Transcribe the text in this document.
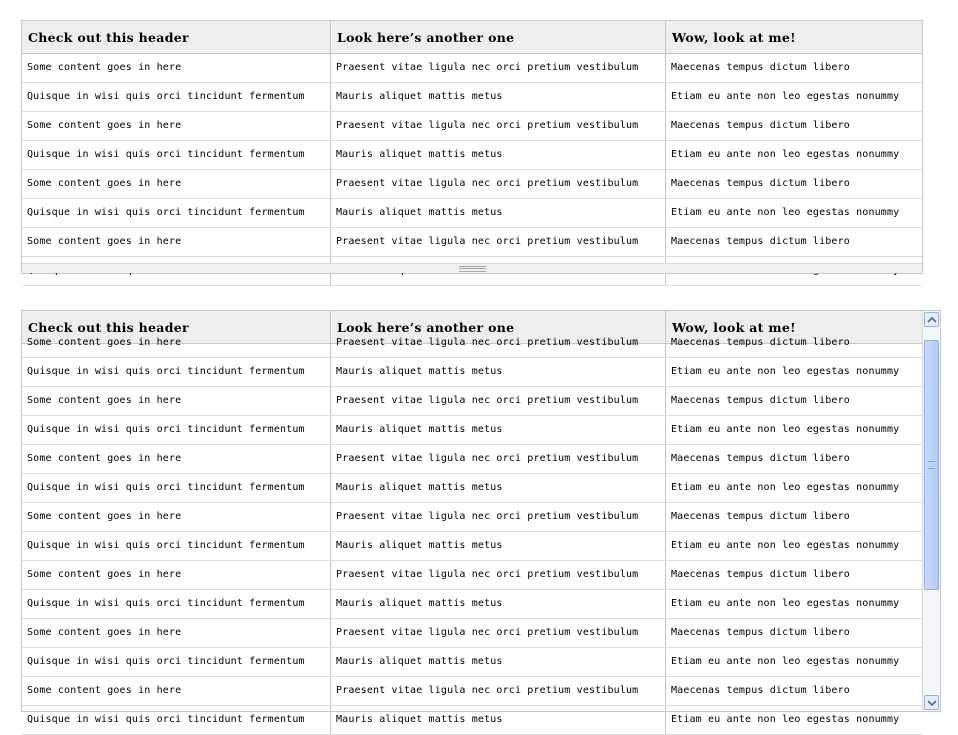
Check out this header	Look here’s another one	Wow, look at me!
Some content goes in here	Praesent vitae ligula nec orci pretium vestibulum	Maecenas tempus dictum libero
Quisque in wisi quis orci tincidunt fermentum	Mauris aliquet mattis metus	Etiam eu ante non leo egestas nonummy
Some content goes in here	Praesent vitae ligula nec orci pretium vestibulum	Maecenas tempus dictum libero
Quisque in wisi quis orci tincidunt fermentum	Mauris aliquet mattis metus	Etiam eu ante non leo egestas nonummy
Some content goes in here	Praesent vitae ligula nec orci pretium vestibulum	Maecenas tempus dictum libero
Quisque in wisi quis orci tincidunt fermentum	Mauris aliquet mattis metus	Etiam eu ante non leo egestas nonummy
Some content goes in here	Praesent vitae ligula nec orci pretium vestibulum	Maecenas tempus dictum libero
Check out this header	Look here’s another one	Wow, look at me!
Some content goes in here	Praesent vitae ligula nec orci pretium vestibulum	Maecenas tempus dictum libero
Quisque in wisi quis orci tincidunt fermentum	Mauris aliquet mattis metus	Etiam eu ante non leo egestas nonummy
Some content goes in here	Praesent vitae ligula nec orci pretium vestibulum	Maecenas tempus dictum libero
Quisque in wisi quis orci tincidunt fermentum	Mauris aliquet mattis metus	Etiam eu ante non leo egestas nonummy
Some content goes in here	Praesent vitae ligula nec orci pretium vestibulum	Maecenas tempus dictum libero
Quisque in wisi quis orci tincidunt fermentum	Mauris aliquet mattis metus	Etiam eu ante non leo egestas nonummy
Some content goes in here	Praesent vitae ligula nec orci pretium vestibulum	Maecenas tempus dictum libero
Quisque in wisi quis orci tincidunt fermentum	Mauris aliquet mattis metus	Etiam eu ante non leo egestas nonummy
Some content goes in here	Praesent vitae ligula nec orci pretium vestibulum	Maecenas tempus dictum libero
Quisque in wisi quis orci tincidunt fermentum	Mauris aliquet mattis metus	Etiam eu ante non leo egestas nonummy
Some content goes in here	Praesent vitae ligula nec orci pretium vestibulum	Maecenas tempus dictum libero
Quisque in wisi quis orci tincidunt fermentum	Mauris aliquet mattis metus	Etiam eu ante non leo egestas nonummy
Some content goes in here	Praesent vitae ligula nec orci pretium vestibulum	Maecenas tempus dictum libero
Quisque in wisi quis orci tincidunt fermentum	Mauris aliquet mattis metus	Etiam eu ante non leo egestas nonummy
